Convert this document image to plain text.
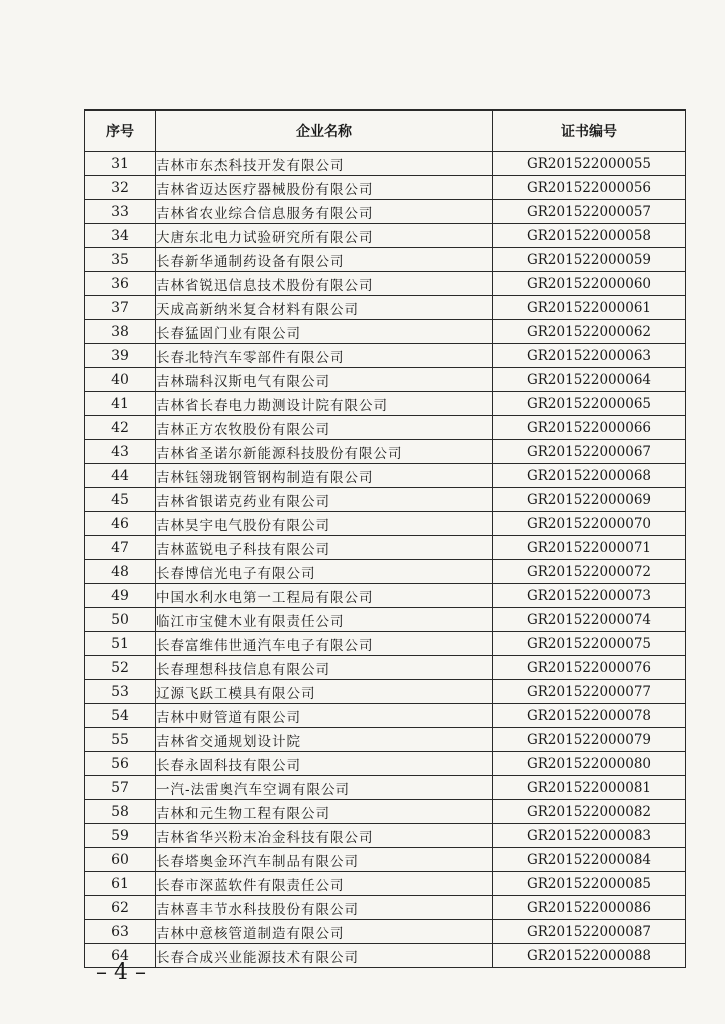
序号	企业名称	证书编号
31	吉林市东杰科技开发有限公司	GR201522000055
32	吉林省迈达医疗器械股份有限公司	GR201522000056
33	吉林省农业综合信息服务有限公司	GR201522000057
34	大唐东北电力试验研究所有限公司	GR201522000058
35	长春新华通制药设备有限公司	GR201522000059
36	吉林省锐迅信息技术股份有限公司	GR201522000060
37	天成高新纳米复合材料有限公司	GR201522000061
38	长春猛固门业有限公司	GR201522000062
39	长春北特汽车零部件有限公司	GR201522000063
40	吉林瑞科汉斯电气有限公司	GR201522000064
41	吉林省长春电力勘测设计院有限公司	GR201522000065
42	吉林正方农牧股份有限公司	GR201522000066
43	吉林省圣诺尔新能源科技股份有限公司	GR201522000067
44	吉林钰翎珑钢管钢构制造有限公司	GR201522000068
45	吉林省银诺克药业有限公司	GR201522000069
46	吉林昊宇电气股份有限公司	GR201522000070
47	吉林蓝锐电子科技有限公司	GR201522000071
48	长春博信光电子有限公司	GR201522000072
49	中国水利水电第一工程局有限公司	GR201522000073
50	临江市宝健木业有限责任公司	GR201522000074
51	长春富维伟世通汽车电子有限公司	GR201522000075
52	长春理想科技信息有限公司	GR201522000076
53	辽源飞跃工模具有限公司	GR201522000077
54	吉林中财管道有限公司	GR201522000078
55	吉林省交通规划设计院	GR201522000079
56	长春永固科技有限公司	GR201522000080
57	一汽-法雷奥汽车空调有限公司	GR201522000081
58	吉林和元生物工程有限公司	GR201522000082
59	吉林省华兴粉末冶金科技有限公司	GR201522000083
60	长春塔奥金环汽车制品有限公司	GR201522000084
61	长春市深蓝软件有限责任公司	GR201522000085
62	吉林喜丰节水科技股份有限公司	GR201522000086
63	吉林中意核管道制造有限公司	GR201522000087
64	长春合成兴业能源技术有限公司	GR201522000088
– 4 –
